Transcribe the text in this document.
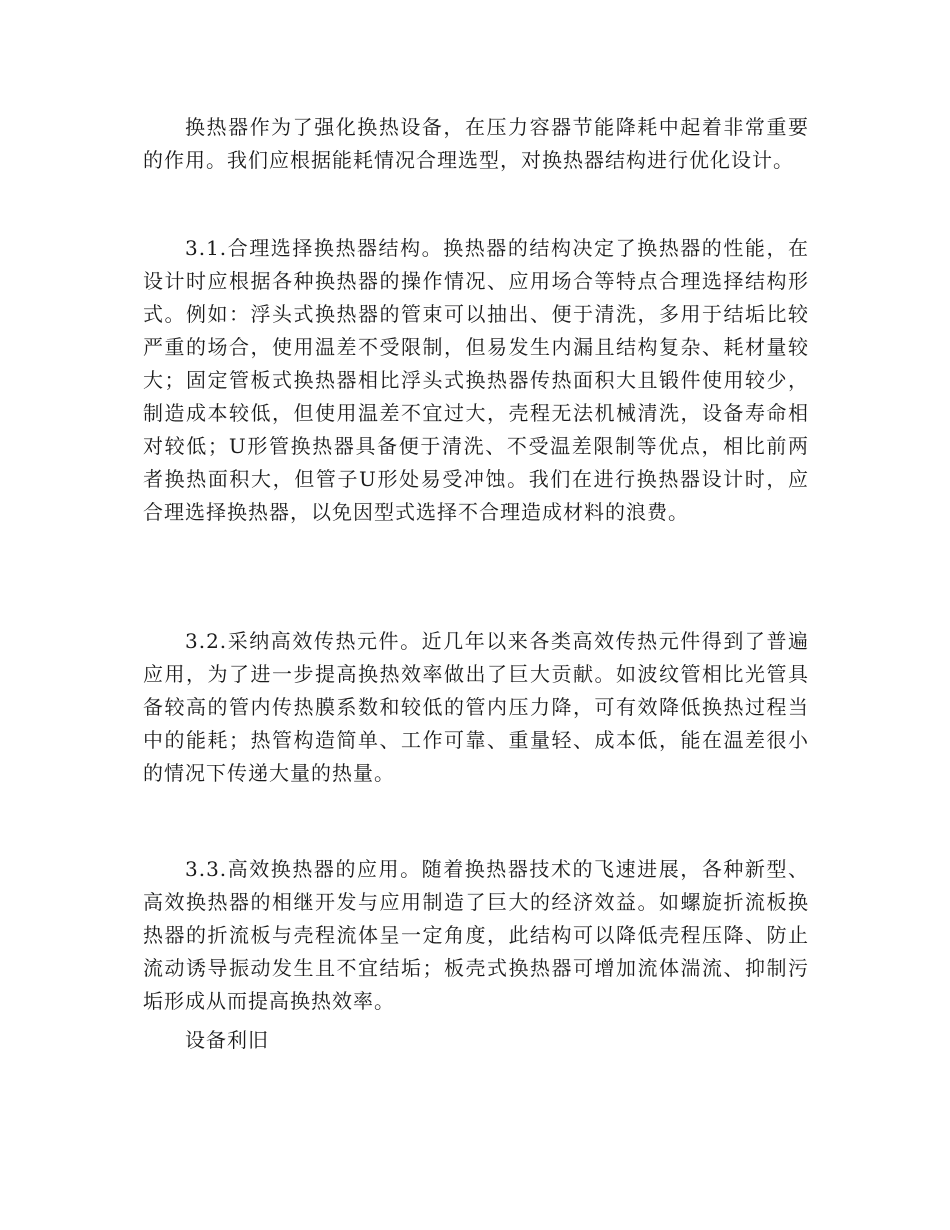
换热器作为了强化换热设备，在压力容器节能降耗中起着非常重要的作用。我们应根据能耗情况合理选型，对换热器结构进行优化设计。

3.1.合理选择换热器结构。换热器的结构决定了换热器的性能，在设计时应根据各种换热器的操作情况、应用场合等特点合理选择结构形式。例如：浮头式换热器的管束可以抽出、便于清洗，多用于结垢比较严重的场合，使用温差不受限制，但易发生内漏且结构复杂、耗材量较大；固定管板式换热器相比浮头式换热器传热面积大且锻件使用较少，制造成本较低，但使用温差不宜过大，壳程无法机械清洗，设备寿命相对较低；U形管换热器具备便于清洗、不受温差限制等优点，相比前两者换热面积大，但管子U形处易受冲蚀。我们在进行换热器设计时，应合理选择换热器，以免因型式选择不合理造成材料的浪费。

3.2.采纳高效传热元件。近几年以来各类高效传热元件得到了普遍应用，为了进一步提高换热效率做出了巨大贡献。如波纹管相比光管具备较高的管内传热膜系数和较低的管内压力降，可有效降低换热过程当中的能耗；热管构造简单、工作可靠、重量轻、成本低，能在温差很小的情况下传递大量的热量。

3.3.高效换热器的应用。随着换热器技术的飞速进展，各种新型、高效换热器的相继开发与应用制造了巨大的经济效益。如螺旋折流板换热器的折流板与壳程流体呈一定角度，此结构可以降低壳程压降、防止流动诱导振动发生且不宜结垢；板壳式换热器可增加流体湍流、抑制污垢形成从而提高换热效率。

设备利旧
